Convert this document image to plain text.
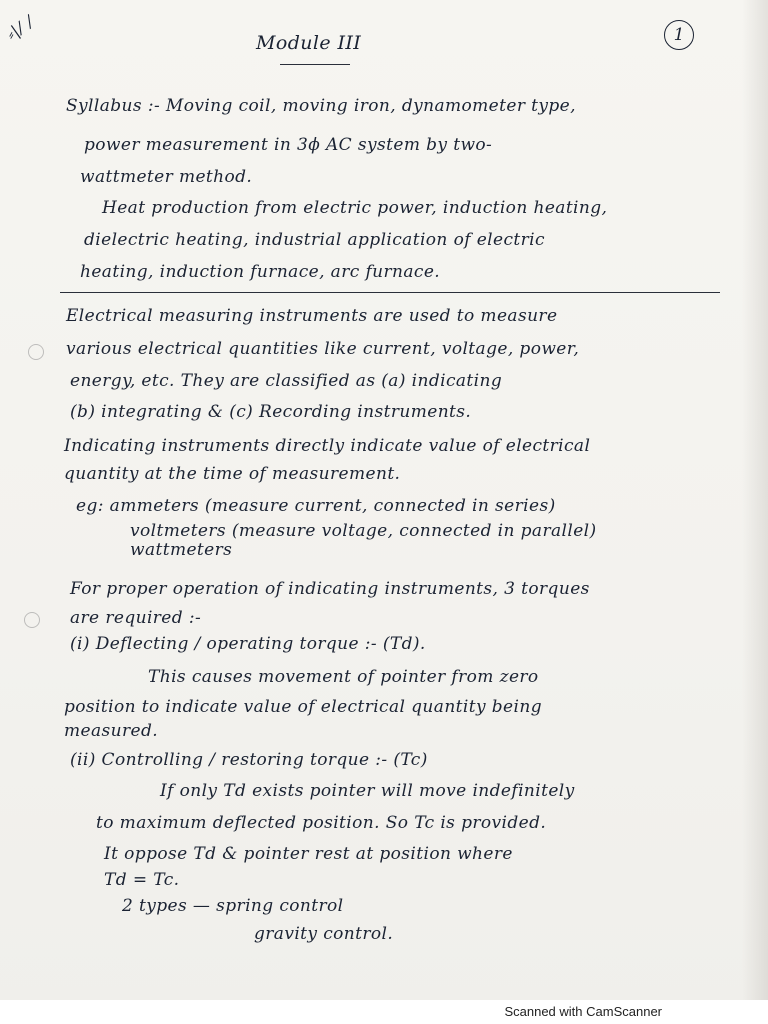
⸗|/ /	Module III	1
Syllabus :- Moving coil, moving iron, dynamometer type,
power measurement in 3ϕ AC system by two-
wattmeter method.
Heat production from electric power, induction heating,
dielectric heating, industrial application of electric
heating, induction furnace, arc furnace.
Electrical measuring instruments are used to measure
various electrical quantities like current, voltage, power,
energy, etc. They are classified as (a) indicating
(b) integrating & (c) Recording instruments.
Indicating instruments directly indicate value of electrical
quantity at the time of measurement.
eg: ammeters (measure current, connected in series)
voltmeters (measure voltage, connected in parallel)
wattmeters
For proper operation of indicating instruments, 3 torques
are required :-
(i) Deflecting / operating torque :- (Td).
This causes movement of pointer from zero
position to indicate value of electrical quantity being
measured.
(ii) Controlling / restoring torque :- (Tc)
If only Td exists pointer will move indefinitely
to maximum deflected position. So Tc is provided.
It oppose Td & pointer rest at position where
Td = Tc.
2 types — spring control
gravity control.
Scanned with CamScanner
